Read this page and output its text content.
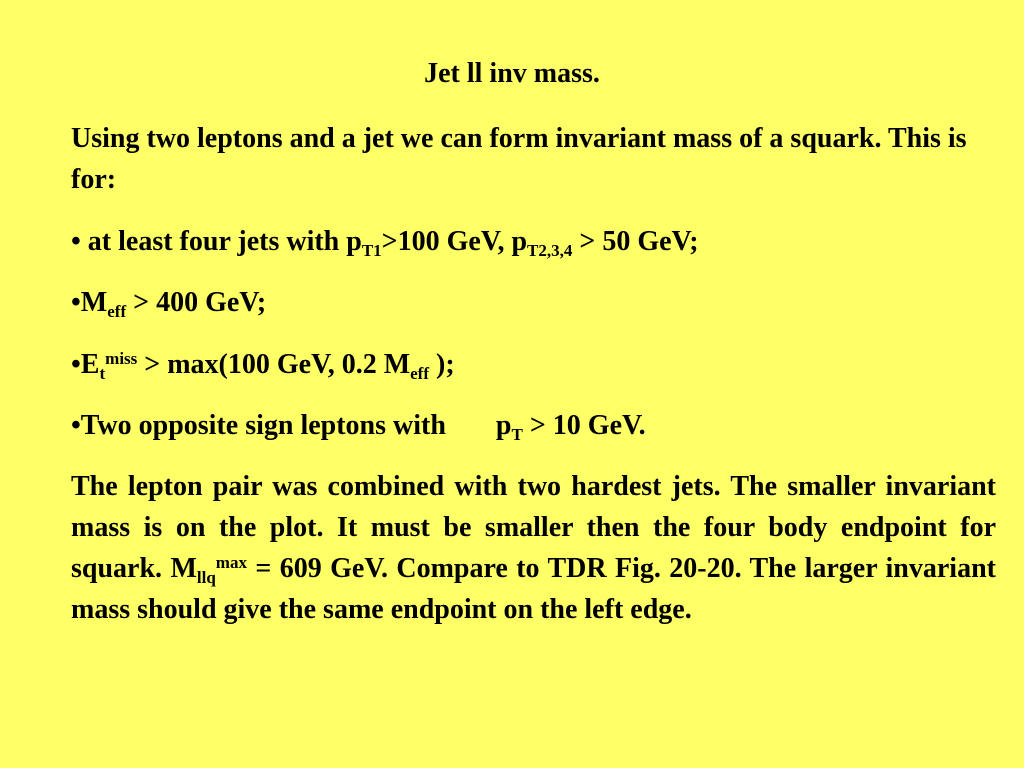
Jet ll inv mass.
Using two leptons and a jet we can form invariant mass of a squark. This is for:
• at least four jets with $p_{T1}>100$ GeV, $p_{T2,3,4} > 50$ GeV;
$•M_{eff} > 400$ GeV;
$•E_t^{miss} > \max(100$ GeV, 0.2 $M_{eff}$ );
•Two opposite sign leptons with $p_T > 10$ GeV.
The lepton pair was combined with two hardest jets. The smaller invariant mass is on the plot. It must be smaller then the four body endpoint for squark. $M_{llq}^{max} = 609$ GeV. Compare to TDR Fig. 20-20. The larger invariant mass should give the same endpoint on the left edge.
